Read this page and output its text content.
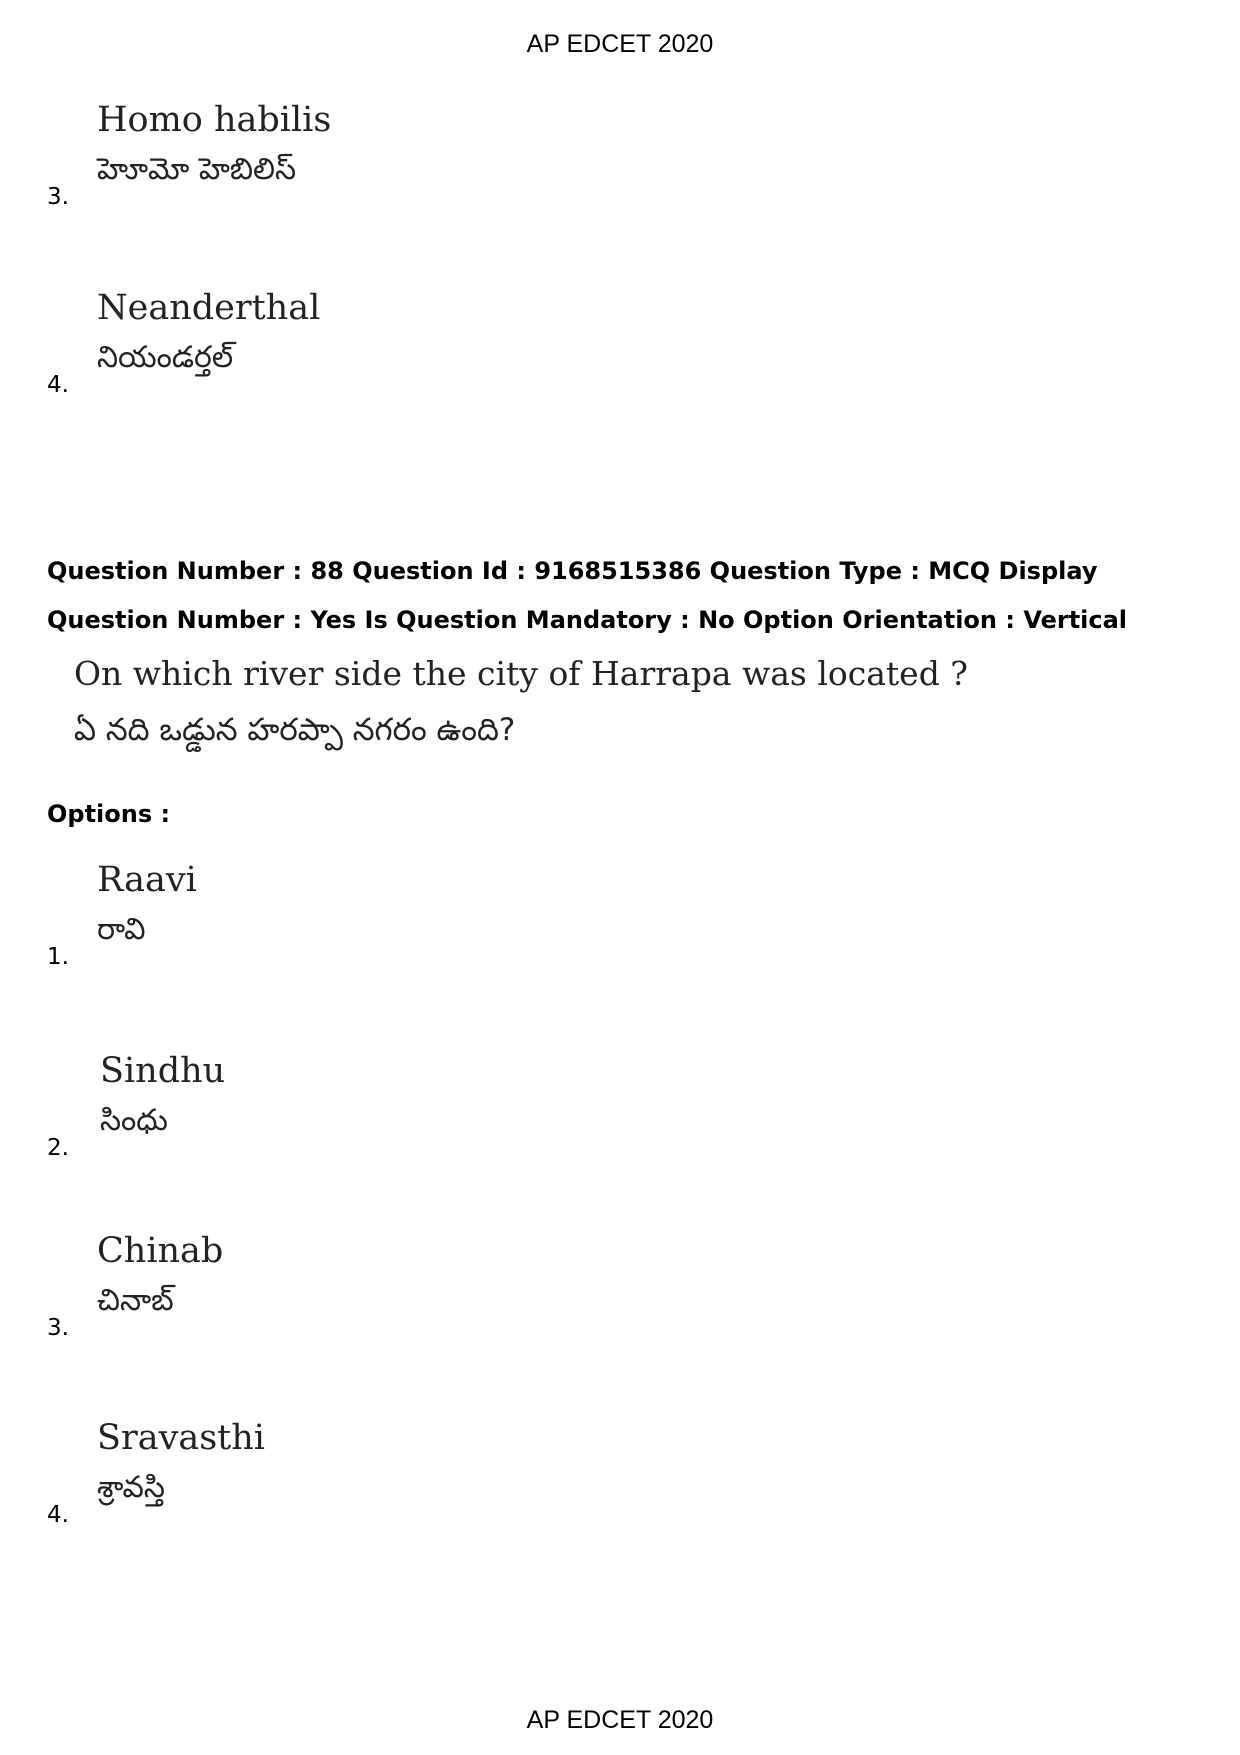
AP EDCET 2020
Homo habilis
హెూమో హెబిలిస్
3.
Neanderthal
నియండర్తల్
4.
Question Number : 88 Question Id : 9168515386 Question Type : MCQ Display Question Number : Yes Is Question Mandatory : No Option Orientation : Vertical
On which river side the city of Harrapa was located ?
ఏ నది ఒడ్డున హరప్పా నగరం ఉంది?
Options :
Raavi
రావి
1.
Sindhu
సింధు
2.
Chinab
చినాబ్
3.
Sravasthi
శ్రావస్తి
4.
AP EDCET 2020
